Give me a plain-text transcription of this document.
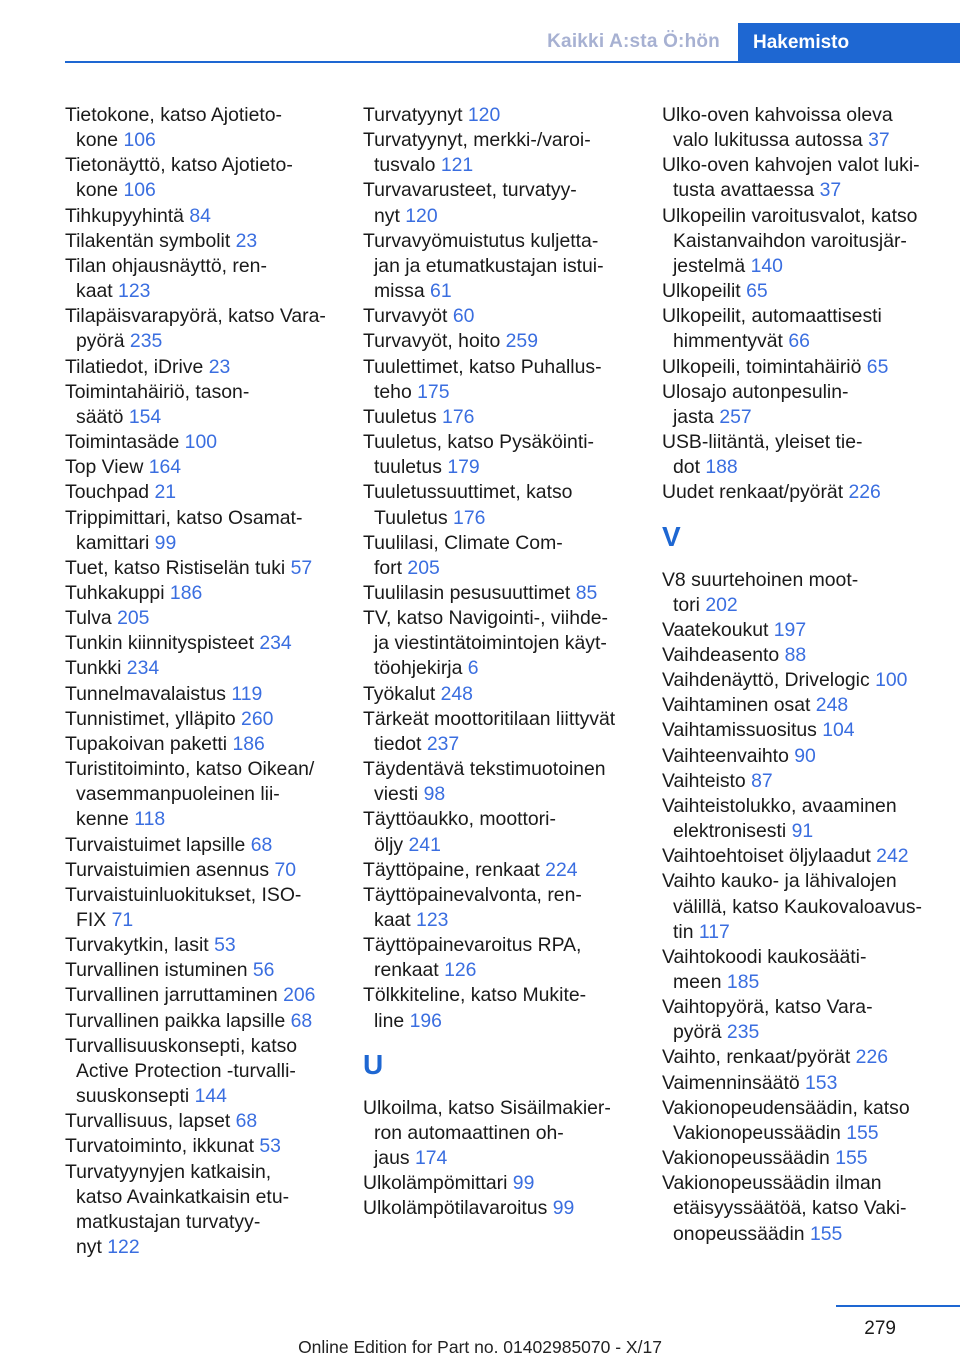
Kaikki A:sta Ö:hön	Hakemisto
Tietokone, katso Ajotieto-
kone 106
Tietonäyttö, katso Ajotieto-
kone 106
Tihkupyyhintä 84
Tilakentän symbolit 23
Tilan ohjausnäyttö, ren-
kaat 123
Tilapäisvarapyörä, katso Vara-
pyörä 235
Tilatiedot, iDrive 23
Toimintahäiriö, tason-
säätö 154
Toimintasäde 100
Top View 164
Touchpad 21
Trippimittari, katso Osamat-
kamittari 99
Tuet, katso Ristiselän tuki 57
Tuhkakuppi 186
Tulva 205
Tunkin kiinnityspisteet 234
Tunkki 234
Tunnelmavalaistus 119
Tunnistimet, ylläpito 260
Tupakoivan paketti 186
Turistitoiminto, katso Oikean/
vasemmanpuoleinen lii-
kenne 118
Turvaistuimet lapsille 68
Turvaistuimien asennus 70
Turvaistuinluokitukset, ISO-
FIX 71
Turvakytkin, lasit 53
Turvallinen istuminen 56
Turvallinen jarruttaminen 206
Turvallinen paikka lapsille 68
Turvallisuuskonsepti, katso
Active Protection -turvalli-
suuskonsepti 144
Turvallisuus, lapset 68
Turvatoiminto, ikkunat 53
Turvatyynyjen katkaisin,
katso Avainkatkaisin etu-
matkustajan turvatyy-
nyt 122
Turvatyynyt 120
Turvatyynyt, merkki-/varoi-
tusvalo 121
Turvavarusteet, turvatyy-
nyt 120
Turvavyömuistutus kuljetta-
jan ja etumatkustajan istui-
missa 61
Turvavyöt 60
Turvavyöt, hoito 259
Tuulettimet, katso Puhallus-
teho 175
Tuuletus 176
Tuuletus, katso Pysäköinti-
tuuletus 179
Tuuletussuuttimet, katso
Tuuletus 176
Tuulilasi, Climate Com-
fort 205
Tuulilasin pesusuuttimet 85
TV, katso Navigointi-, viihde-
ja viestintätoimintojen käyt-
töohjekirja 6
Työkalut 248
Tärkeät moottoritilaan liittyvät
tiedot 237
Täydentävä tekstimuotoinen
viesti 98
Täyttöaukko, moottori-
öljy 241
Täyttöpaine, renkaat 224
Täyttöpainevalvonta, ren-
kaat 123
Täyttöpainevaroitus RPA,
renkaat 126
Tölkkiteline, katso Mukite-
line 196
U
Ulkoilma, katso Sisäilmakier-
ron automaattinen oh-
jaus 174
Ulkolämpömittari 99
Ulkolämpötilavaroitus 99
Ulko-oven kahvoissa oleva
valo lukitussa autossa 37
Ulko-oven kahvojen valot luki-
tusta avattaessa 37
Ulkopeilin varoitusvalot, katso
Kaistanvaihdon varoitusjär-
jestelmä 140
Ulkopeilit 65
Ulkopeilit, automaattisesti
himmentyvät 66
Ulkopeili, toimintahäiriö 65
Ulosajo autonpesulin-
jasta 257
USB-liitäntä, yleiset tie-
dot 188
Uudet renkaat/pyörät 226
V
V8 suurtehoinen moot-
tori 202
Vaatekoukut 197
Vaihdeasento 88
Vaihdenäyttö, Drivelogic 100
Vaihtaminen osat 248
Vaihtamissuositus 104
Vaihteenvaihto 90
Vaihteisto 87
Vaihteistolukko, avaaminen
elektronisesti 91
Vaihtoehtoiset öljylaadut 242
Vaihto kauko- ja lähivalojen
välillä, katso Kaukovaloavus-
tin 117
Vaihtokoodi kaukosääti-
meen 185
Vaihtopyörä, katso Vara-
pyörä 235
Vaihto, renkaat/pyörät 226
Vaimenninsäätö 153
Vakionopeudensäädin, katso
Vakionopeussäädin 155
Vakionopeussäädin 155
Vakionopeussäädin ilman
etäisyyssäätöä, katso Vaki-
onopeussäädin 155
279
Online Edition for Part no. 01402985070 - X/17
